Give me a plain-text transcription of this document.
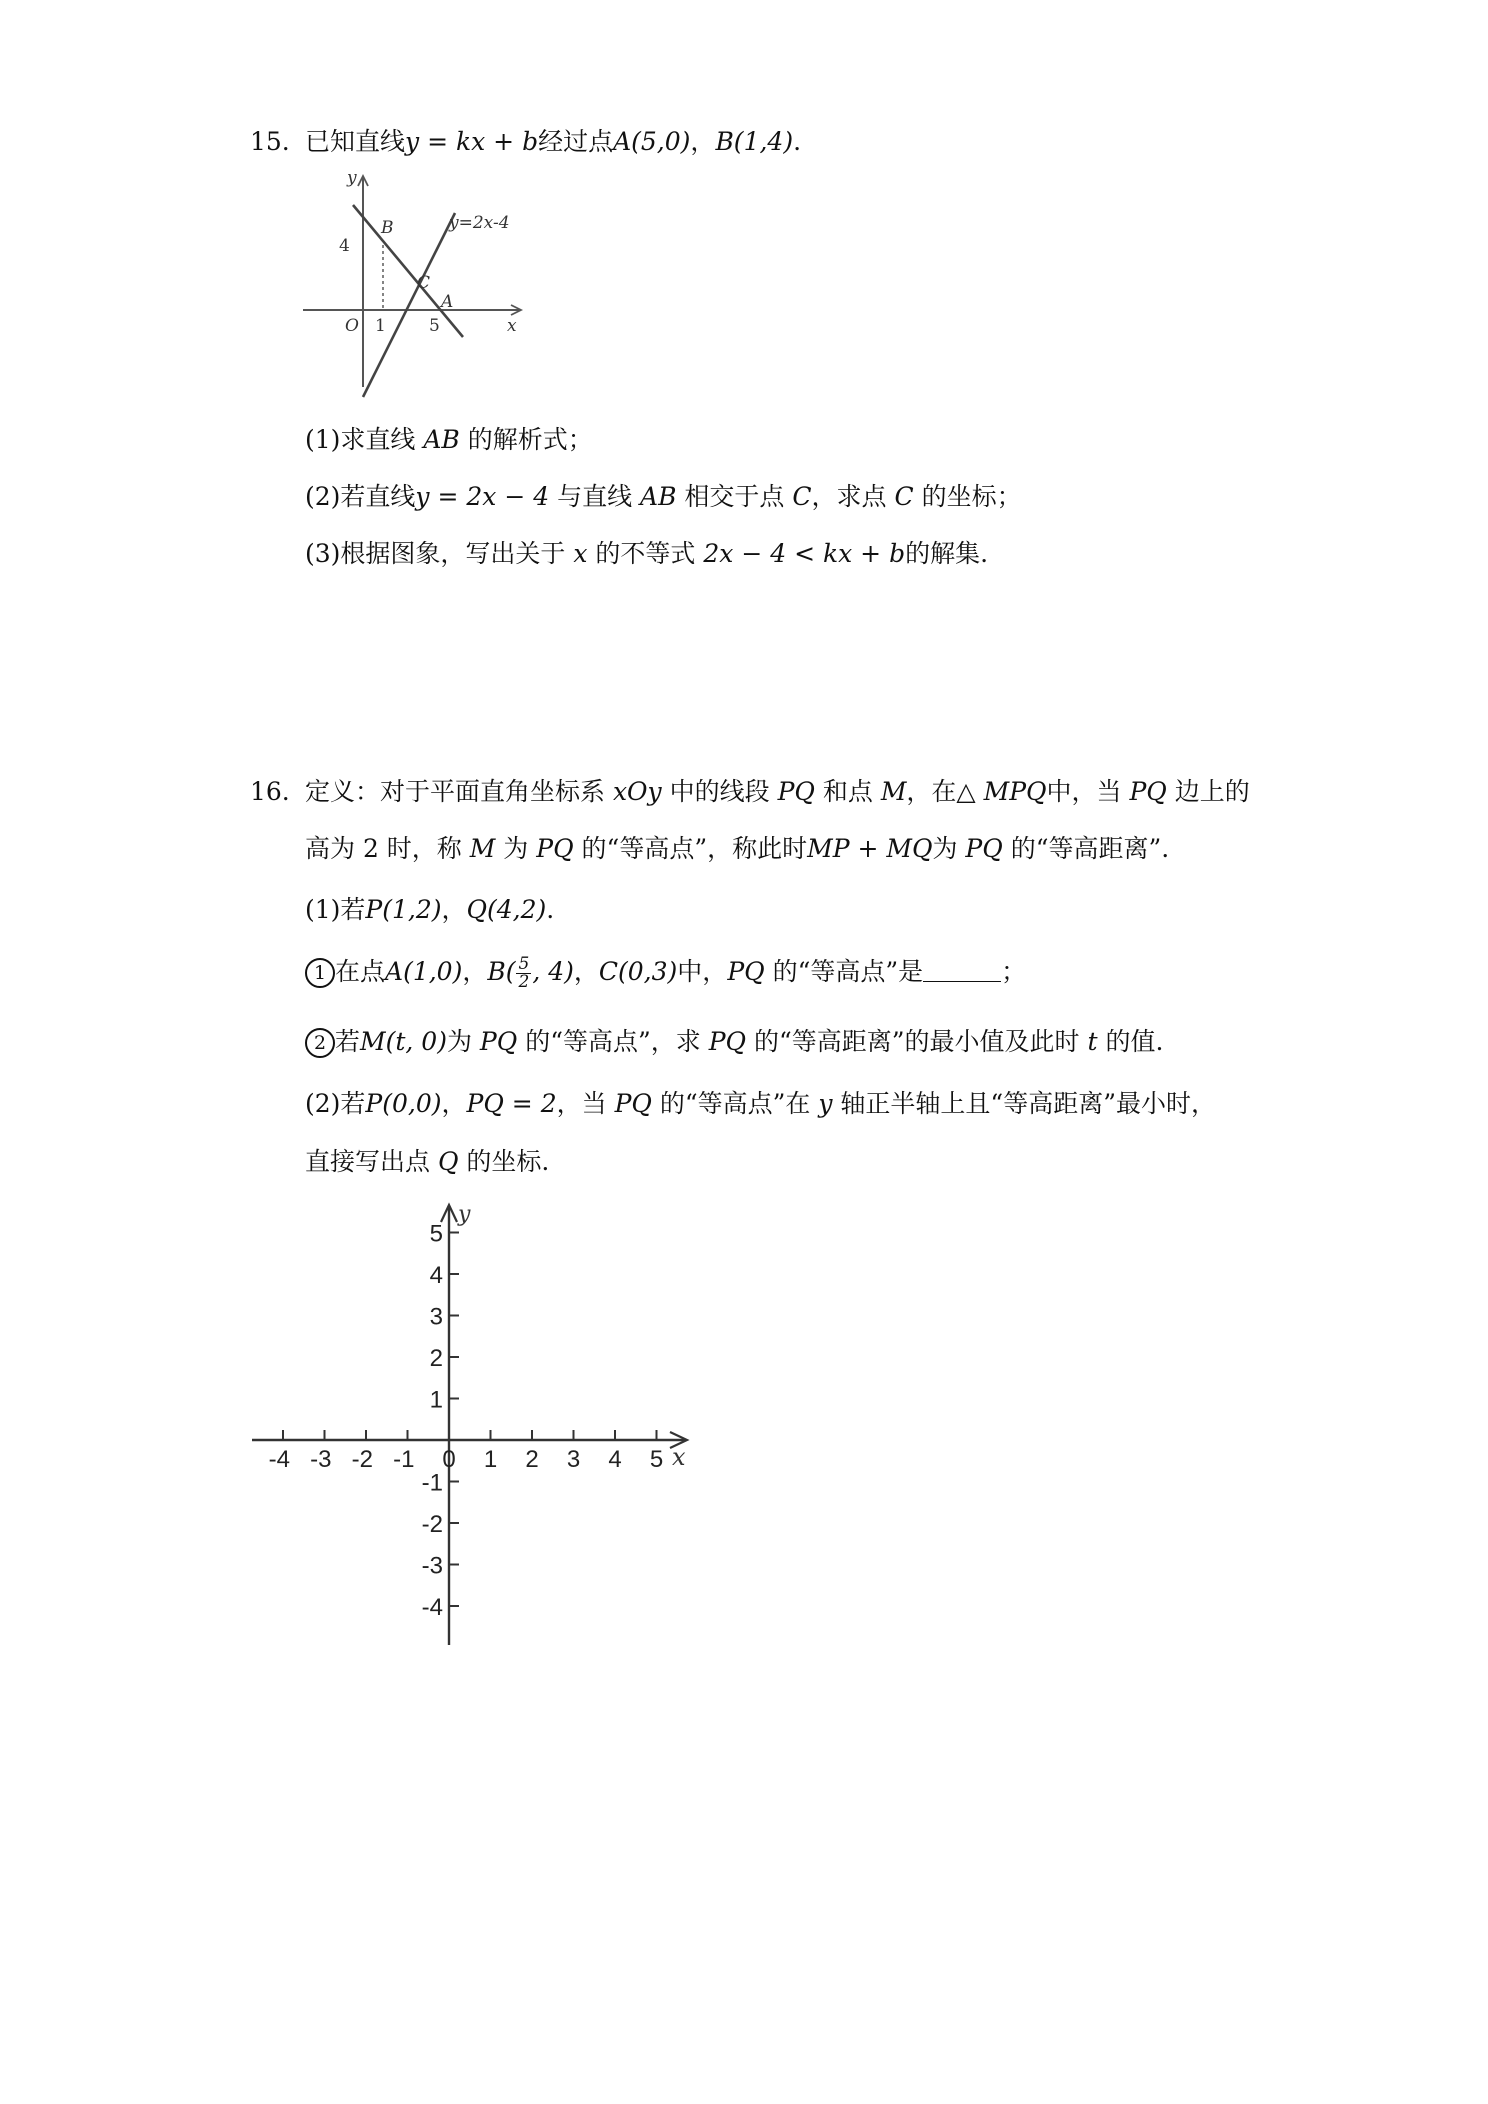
15. 已知直线y = kx + b经过点A(5,0)，B(1,4).
y
x
O
4
1	5
B
C
A
y=2x-4
(1)求直线 AB 的解析式；
(2)若直线y = 2x − 4 与直线 AB 相交于点 C，求点 C 的坐标；
(3)根据图象，写出关于 x 的不等式 2x − 4 < kx + b的解集.
16. 定义：对于平面直角坐标系 xOy 中的线段 PQ 和点 M，在△ MPQ中，当 PQ 边上的
高为 2 时，称 M 为 PQ 的“等高点”，称此时MP + MQ为 PQ 的“等高距离”.
(1)若P(1,2)，Q(4,2).
1 在点A(1,0)，$B( \frac{5}{2}$ , 4)，C(0,3)中，PQ 的“等高点”是	；
2 若M(t, 0)为 PQ 的“等高点”，求 PQ 的“等高距离”的最小值及此时 t 的值.
(2)若P(0,0)，PQ = 2，当 PQ 的“等高点”在 y 轴正半轴上且“等高距离”最小时，
直接写出点 Q 的坐标.
x
y
-4 -3 -2 -1 0 1 2 3 4 5
5
4
3
2
1
-1
-2
-3
-4
